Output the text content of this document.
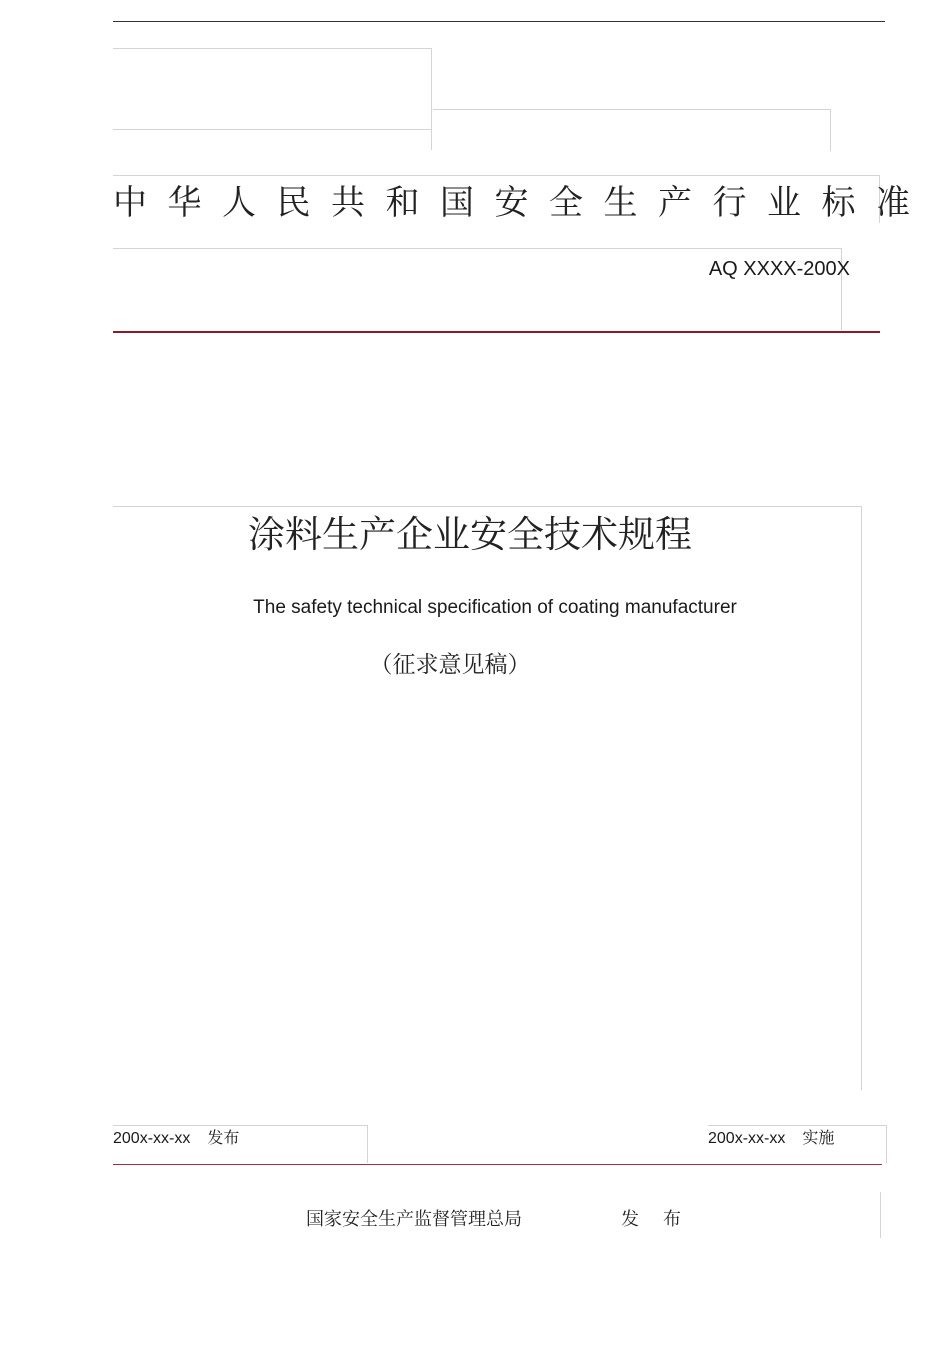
中华人民共和国安全生产行业标准
AQ XXXX-200X
涂料生产企业安全技术规程
The safety technical specification of coating manufacturer
（征求意见稿）
200x-xx-xx 发布	200x-xx-xx 实施
国家安全生产监督管理总局	发布
